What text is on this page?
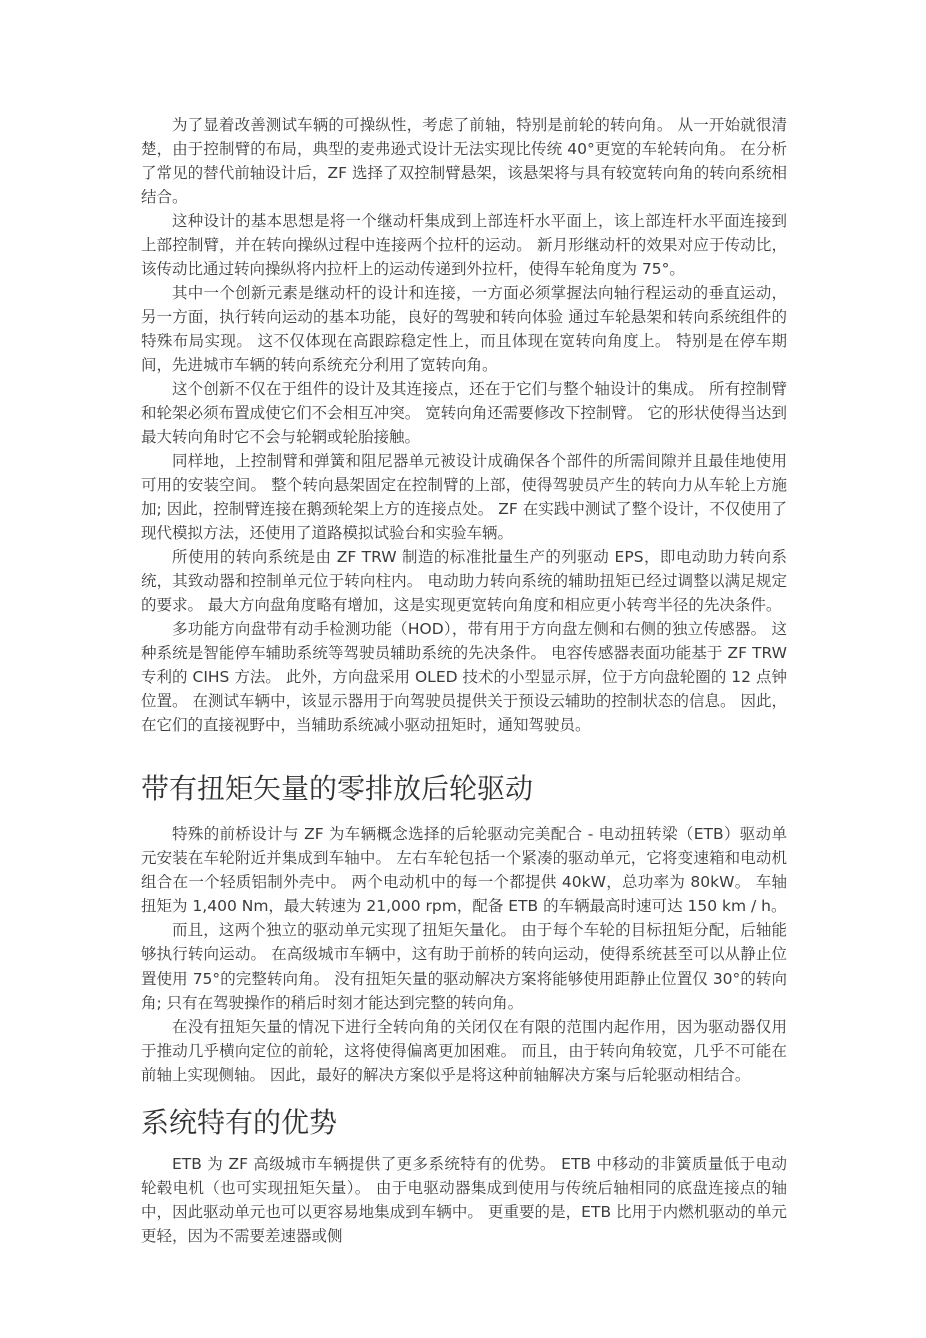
为了显着改善测试车辆的可操纵性，考虑了前轴，特别是前轮的转向角。 从一开始就很清楚，由于控制臂的布局，典型的麦弗逊式设计无法实现比传统 40°更宽的车轮转向角。 在分析了常见的替代前轴设计后，ZF 选择了双控制臂悬架，该悬架将与具有较宽转向角的转向系统相结合。

这种设计的基本思想是将一个继动杆集成到上部连杆水平面上，该上部连杆水平面连接到上部控制臂，并在转向操纵过程中连接两个拉杆的运动。 新月形继动杆的效果对应于传动比，该传动比通过转向操纵将内拉杆上的运动传递到外拉杆，使得车轮角度为 75°。

其中一个创新元素是继动杆的设计和连接，一方面必须掌握法向轴行程运动的垂直运动，另一方面，执行转向运动的基本功能，良好的驾驶和转向体验 通过车轮悬架和转向系统组件的特殊布局实现。 这不仅体现在高跟踪稳定性上，而且体现在宽转向角度上。 特别是在停车期间，先进城市车辆的转向系统充分利用了宽转向角。

这个创新不仅在于组件的设计及其连接点，还在于它们与整个轴设计的集成。 所有控制臂和轮架必须布置成使它们不会相互冲突。 宽转向角还需要修改下控制臂。 它的形状使得当达到最大转向角时它不会与轮辋或轮胎接触。

同样地，上控制臂和弹簧和阻尼器单元被设计成确保各个部件的所需间隙并且最佳地使用可用的安装空间。 整个转向悬架固定在控制臂的上部，使得驾驶员产生的转向力从车轮上方施加; 因此，控制臂连接在鹅颈轮架上方的连接点处。 ZF 在实践中测试了整个设计，不仅使用了现代模拟方法，还使用了道路模拟试验台和实验车辆。

所使用的转向系统是由 ZF TRW 制造的标准批量生产的列驱动 EPS，即电动助力转向系统，其致动器和控制单元位于转向柱内。 电动助力转向系统的辅助扭矩已经过调整以满足规定的要求。 最大方向盘角度略有增加，这是实现更宽转向角度和相应更小转弯半径的先决条件。

多功能方向盘带有动手检测功能（HOD），带有用于方向盘左侧和右侧的独立传感器。 这种系统是智能停车辅助系统等驾驶员辅助系统的先决条件。 电容传感器表面功能基于 ZF TRW 专利的 CIHS 方法。 此外，方向盘采用 OLED 技术的小型显示屏，位于方向盘轮圈的 12 点钟位置。 在测试车辆中，该显示器用于向驾驶员提供关于预设云辅助的控制状态的信息。 因此，在它们的直接视野中，当辅助系统减小驱动扭矩时，通知驾驶员。

带有扭矩矢量的零排放后轮驱动

特殊的前桥设计与 ZF 为车辆概念选择的后轮驱动完美配合 - 电动扭转梁（ETB）驱动单元安装在车轮附近并集成到车轴中。 左右车轮包括一个紧凑的驱动单元，它将变速箱和电动机组合在一个轻质铝制外壳中。 两个电动机中的每一个都提供 40kW，总功率为 80kW。 车轴扭矩为 1,400 Nm，最大转速为 21,000 rpm，配备 ETB 的车辆最高时速可达 150 km / h。

而且，这两个独立的驱动单元实现了扭矩矢量化。 由于每个车轮的目标扭矩分配，后轴能够执行转向运动。 在高级城市车辆中，这有助于前桥的转向运动，使得系统甚至可以从静止位置使用 75°的完整转向角。 没有扭矩矢量的驱动解决方案将能够使用距静止位置仅 30°的转向角; 只有在驾驶操作的稍后时刻才能达到完整的转向角。

在没有扭矩矢量的情况下进行全转向角的关闭仅在有限的范围内起作用，因为驱动器仅用于推动几乎横向定位的前轮，这将使得偏离更加困难。 而且，由于转向角较宽，几乎不可能在前轴上实现侧轴。 因此，最好的解决方案似乎是将这种前轴解决方案与后轮驱动相结合。

系统特有的优势

ETB 为 ZF 高级城市车辆提供了更多系统特有的优势。 ETB 中移动的非簧质量低于电动轮毂电机（也可实现扭矩矢量）。 由于电驱动器集成到使用与传统后轴相同的底盘连接点的轴中，因此驱动单元也可以更容易地集成到车辆中。 更重要的是，ETB 比用于内燃机驱动的单元更轻，因为不需要差速器或侧
